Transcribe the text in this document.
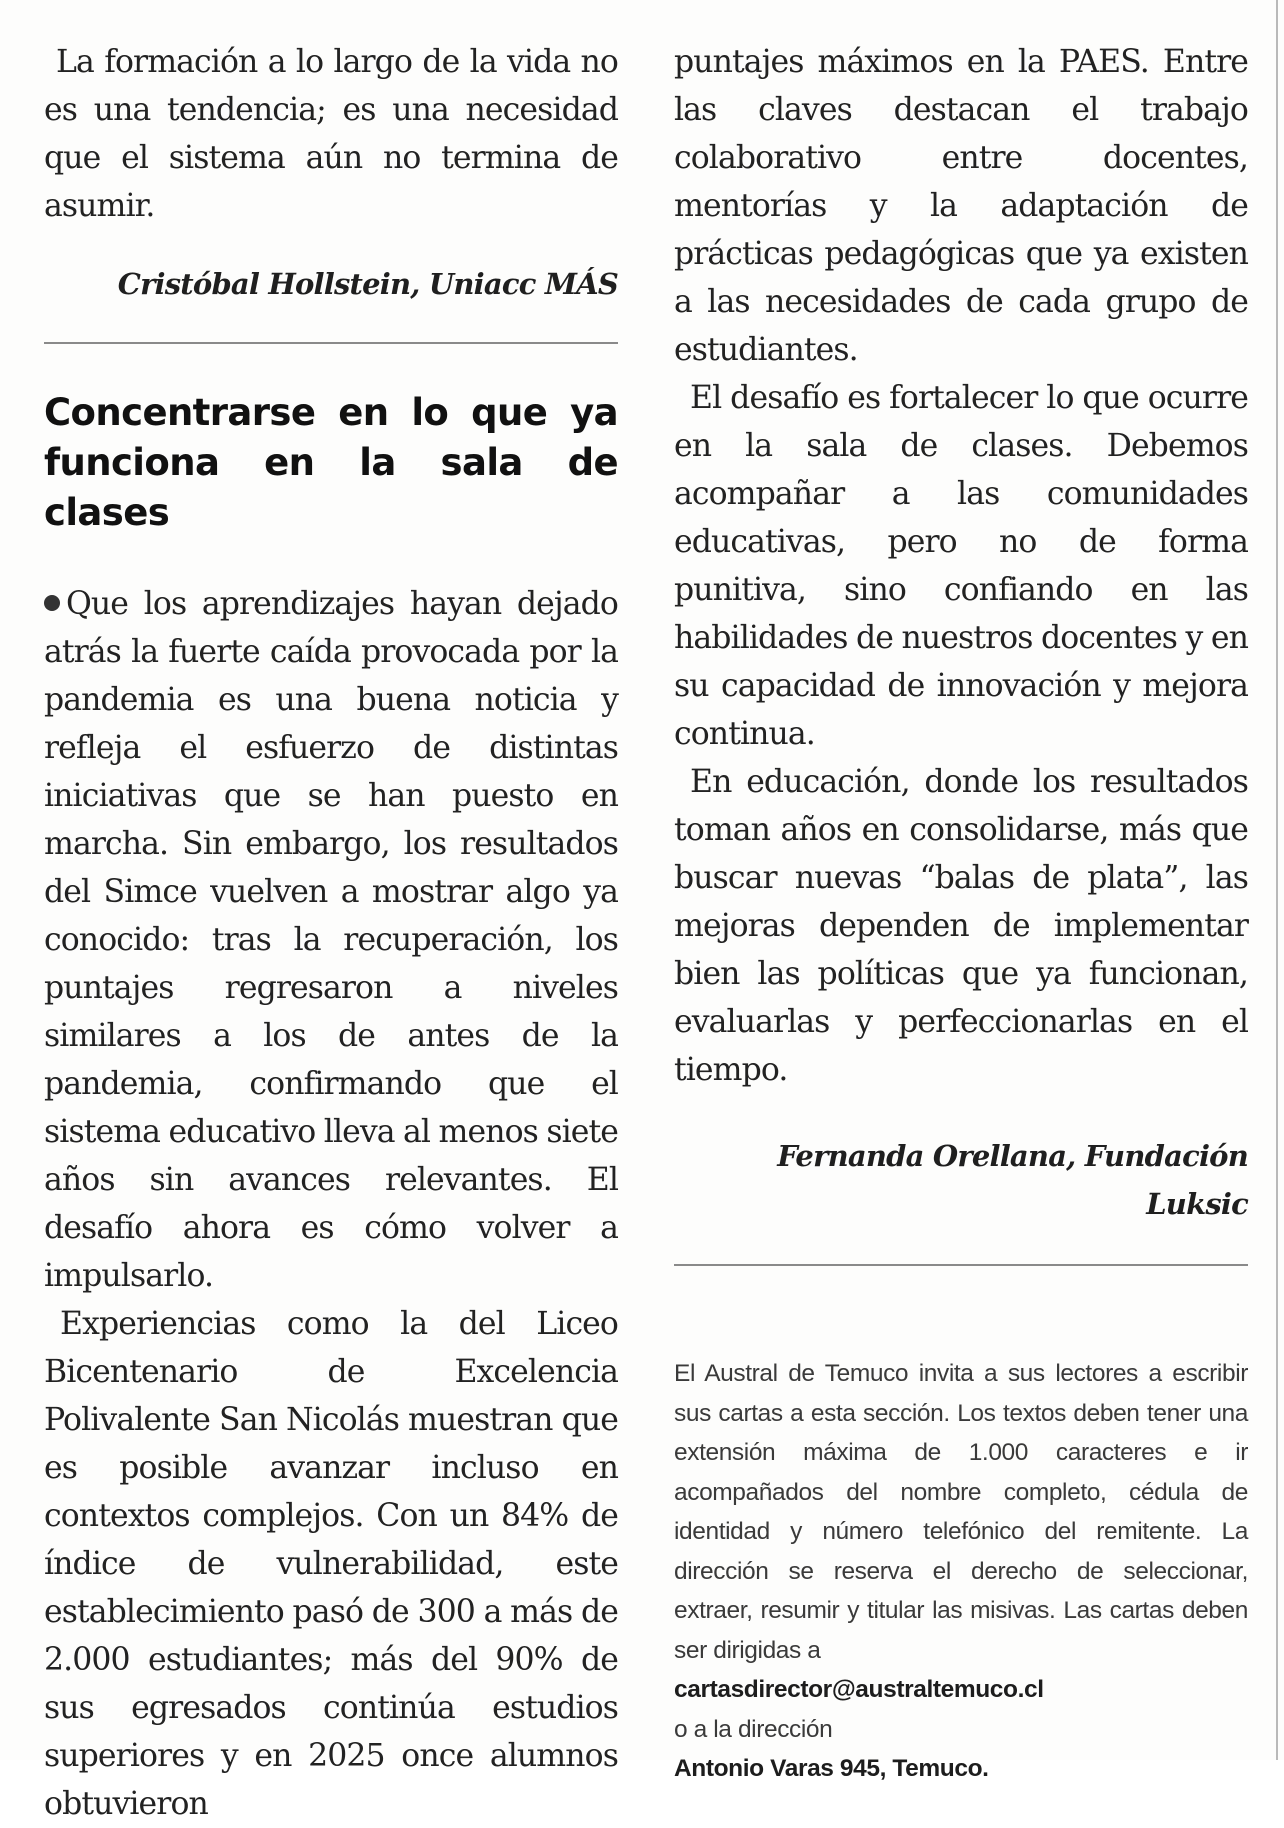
La formación a lo largo de la vida no es una tendencia; es una necesidad que el sistema aún no termina de asumir.

Cristóbal Hollstein, Uniacc MÁS
Concentrarse en lo que ya funciona en la sala de clases

Que los aprendizajes hayan dejado atrás la fuerte caída provocada por la pandemia es una buena noticia y refleja el esfuerzo de distintas iniciativas que se han puesto en marcha. Sin embargo, los resultados del Simce vuelven a mostrar algo ya conocido: tras la recuperación, los puntajes regresaron a niveles similares a los de antes de la pandemia, confirmando que el sistema educativo lleva al menos siete años sin avances relevantes. El desafío ahora es cómo volver a impulsarlo.

Experiencias como la del Liceo Bicentenario de Excelencia Polivalente San Nicolás muestran que es posible avanzar incluso en contextos complejos. Con un 84% de índice de vulnerabilidad, este establecimiento pasó de 300 a más de 2.000 estudiantes; más del 90% de sus egresados continúa estudios superiores y en 2025 once alumnos obtuvieron

puntajes máximos en la PAES. Entre las claves destacan el trabajo colaborativo entre docentes, mentorías y la adaptación de prácticas pedagógicas que ya existen a las necesidades de cada grupo de estudiantes.

El desafío es fortalecer lo que ocurre en la sala de clases. Debemos acompañar a las comunidades educativas, pero no de forma punitiva, sino confiando en las habilidades de nuestros docentes y en su capacidad de innovación y mejora continua.

En educación, donde los resultados toman años en consolidarse, más que buscar nuevas “balas de plata”, las mejoras dependen de implementar bien las políticas que ya funcionan, evaluarlas y perfeccionarlas en el tiempo.

Fernanda Orellana, Fundación Luksic
El Austral de Temuco invita a sus lectores a escribir sus cartas a esta sección. Los textos deben tener una extensión máxima de 1.000 caracteres e ir acompañados del nombre completo, cédula de identidad y número telefónico del remitente. La dirección se reserva el derecho de seleccionar, extraer, resumir y titular las misivas. Las cartas deben ser dirigidas a
cartasdirector@australtemuco.cl
o a la dirección
Antonio Varas 945, Temuco.
